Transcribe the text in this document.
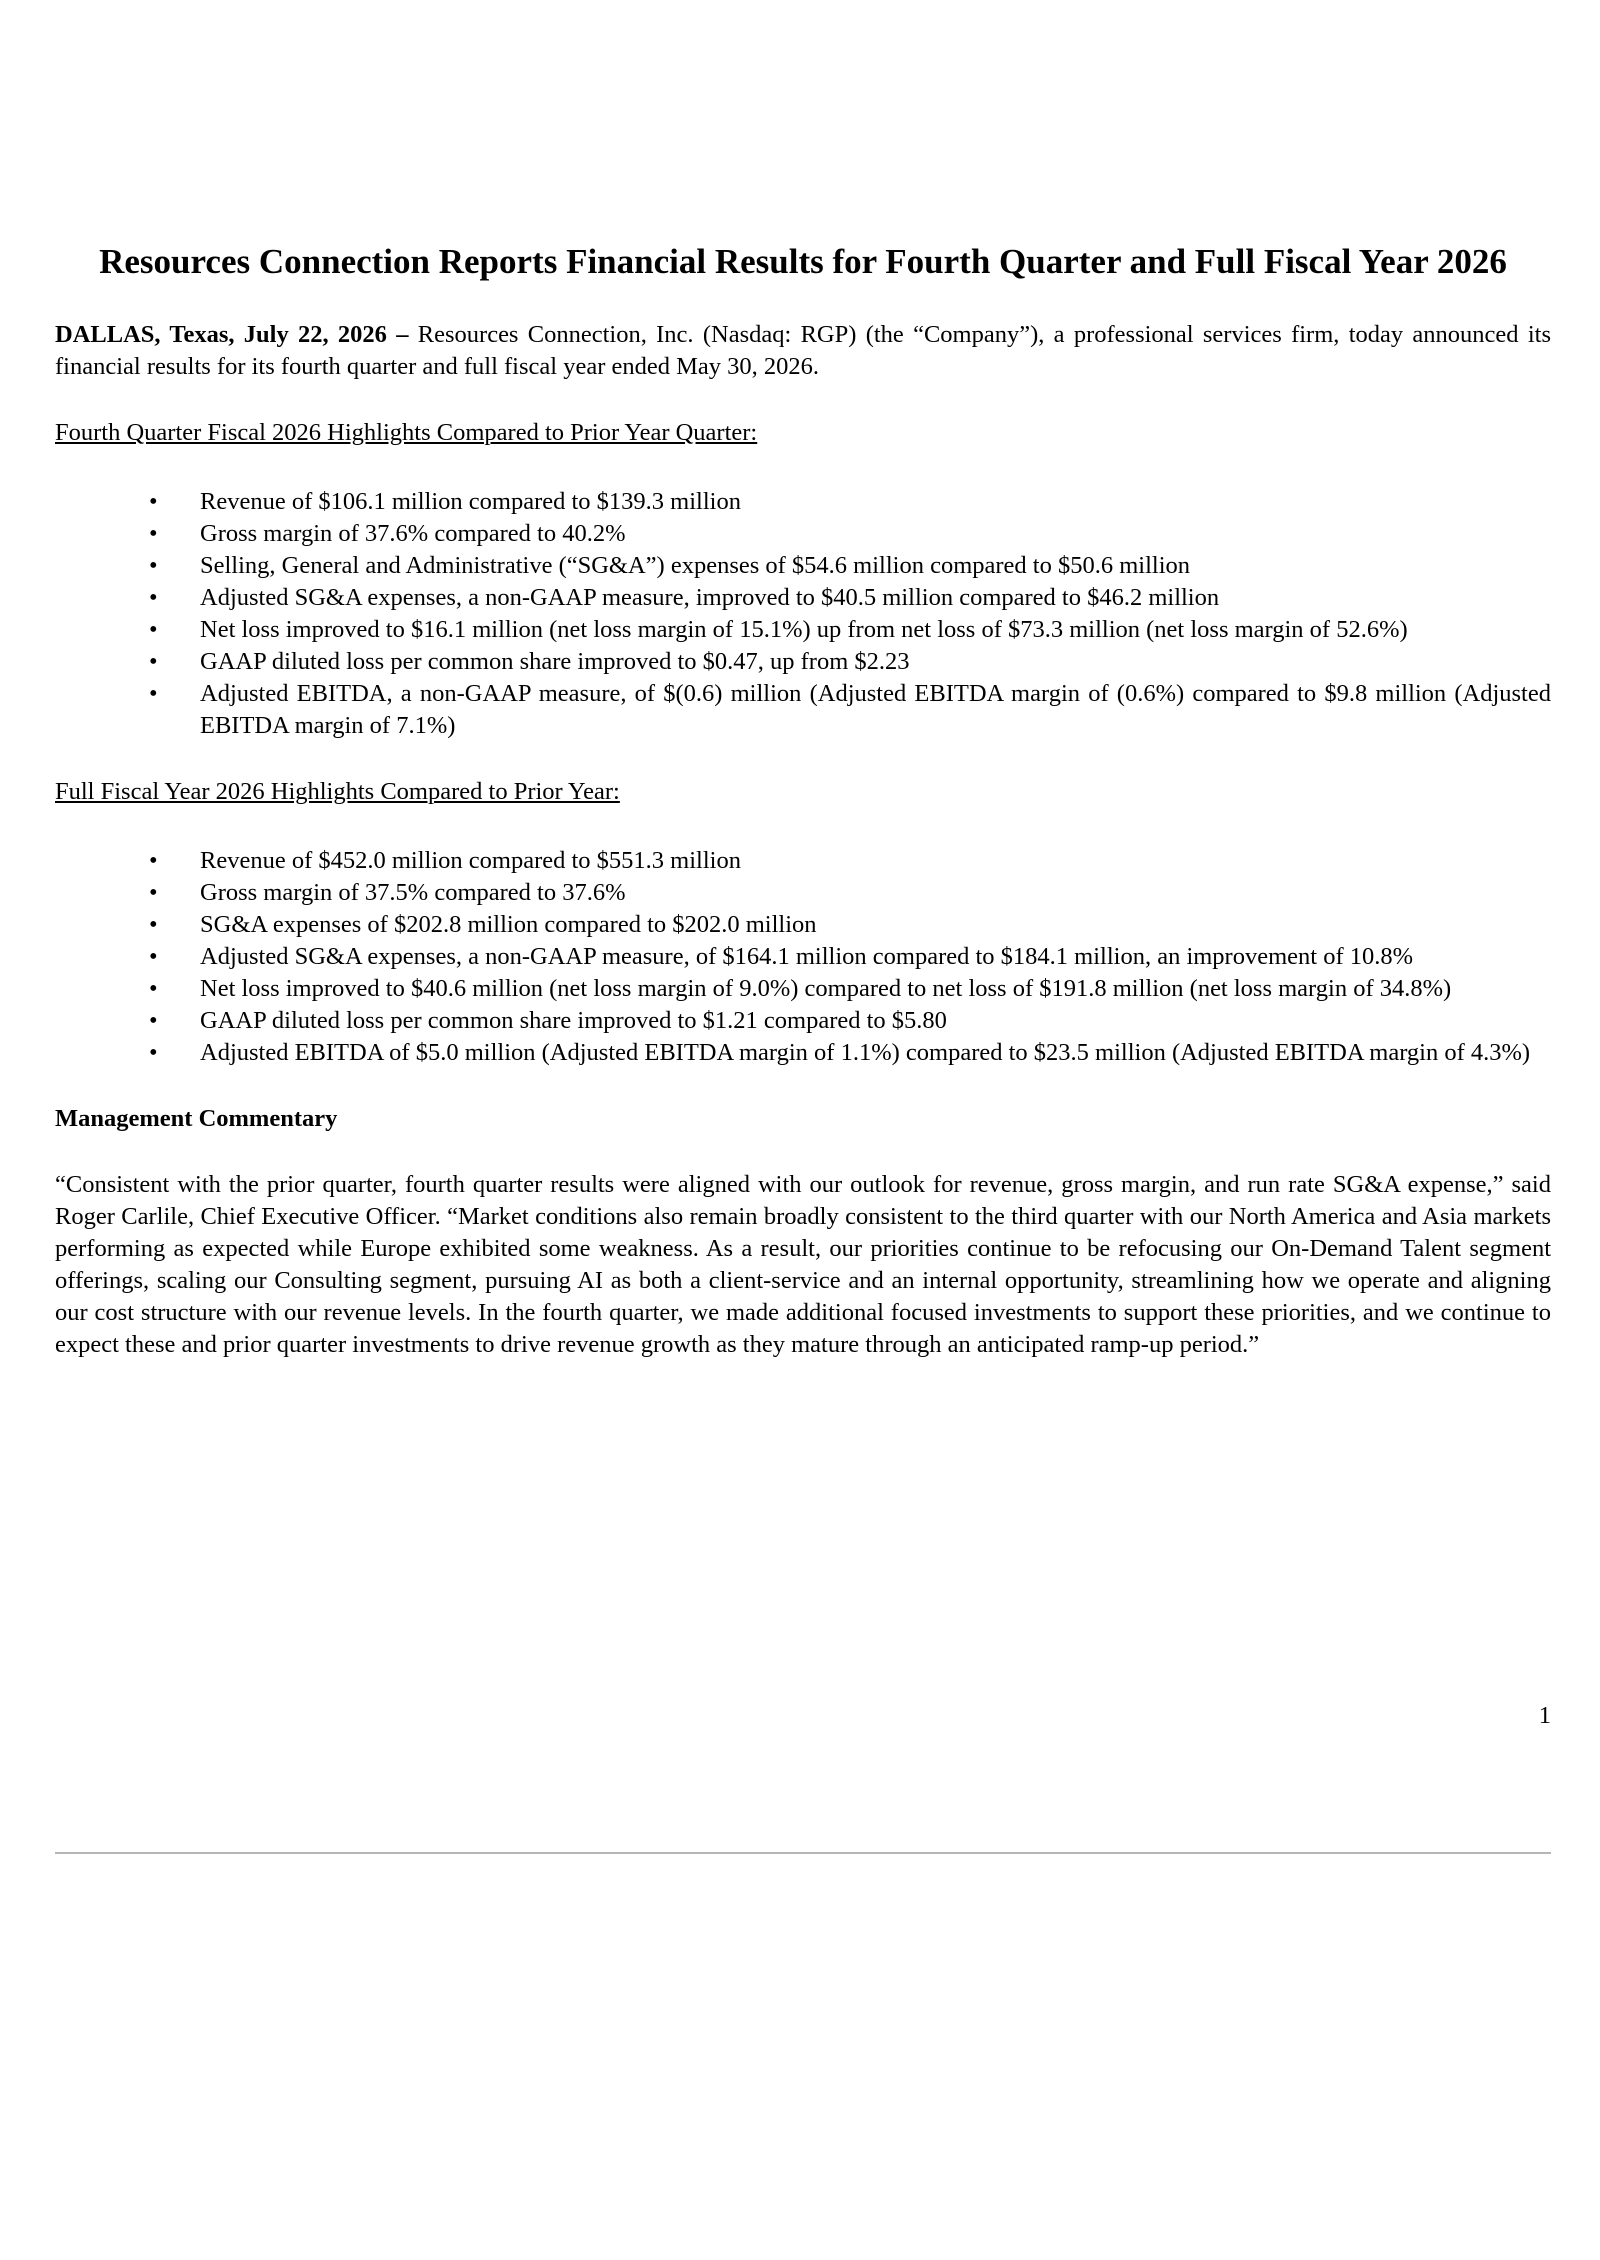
Resources Connection Reports Financial Results for Fourth Quarter and Full Fiscal Year 2026

DALLAS, Texas, July 22, 2026 – Resources Connection, Inc. (Nasdaq: RGP) (the “Company”), a professional services firm, today announced its financial results for its fourth quarter and full fiscal year ended May 30, 2026.

Fourth Quarter Fiscal 2026 Highlights Compared to Prior Year Quarter:

• Revenue of $106.1 million compared to $139.3 million
• Gross margin of 37.6% compared to 40.2%
• Selling, General and Administrative (“SG&A”) expenses of $54.6 million compared to $50.6 million
• Adjusted SG&A expenses, a non-GAAP measure, improved to $40.5 million compared to $46.2 million
• Net loss improved to $16.1 million (net loss margin of 15.1%) up from net loss of $73.3 million (net loss margin of 52.6%)
• GAAP diluted loss per common share improved to $0.47, up from $2.23
• Adjusted EBITDA, a non-GAAP measure, of $(0.6) million (Adjusted EBITDA margin of (0.6%) compared to $9.8 million (Adjusted EBITDA margin of 7.1%)

Full Fiscal Year 2026 Highlights Compared to Prior Year:

• Revenue of $452.0 million compared to $551.3 million
• Gross margin of 37.5% compared to 37.6%
• SG&A expenses of $202.8 million compared to $202.0 million
• Adjusted SG&A expenses, a non-GAAP measure, of $164.1 million compared to $184.1 million, an improvement of 10.8%
• Net loss improved to $40.6 million (net loss margin of 9.0%) compared to net loss of $191.8 million (net loss margin of 34.8%)
• GAAP diluted loss per common share improved to $1.21 compared to $5.80
• Adjusted EBITDA of $5.0 million (Adjusted EBITDA margin of 1.1%) compared to $23.5 million (Adjusted EBITDA margin of 4.3%)

Management Commentary

“Consistent with the prior quarter, fourth quarter results were aligned with our outlook for revenue, gross margin, and run rate SG&A expense,” said Roger Carlile, Chief Executive Officer. “Market conditions also remain broadly consistent to the third quarter with our North America and Asia markets performing as expected while Europe exhibited some weakness. As a result, our priorities continue to be refocusing our On-Demand Talent segment offerings, scaling our Consulting segment, pursuing AI as both a client-service and an internal opportunity, streamlining how we operate and aligning our cost structure with our revenue levels. In the fourth quarter, we made additional focused investments to support these priorities, and we continue to expect these and prior quarter investments to drive revenue growth as they mature through an anticipated ramp-up period.”

1
